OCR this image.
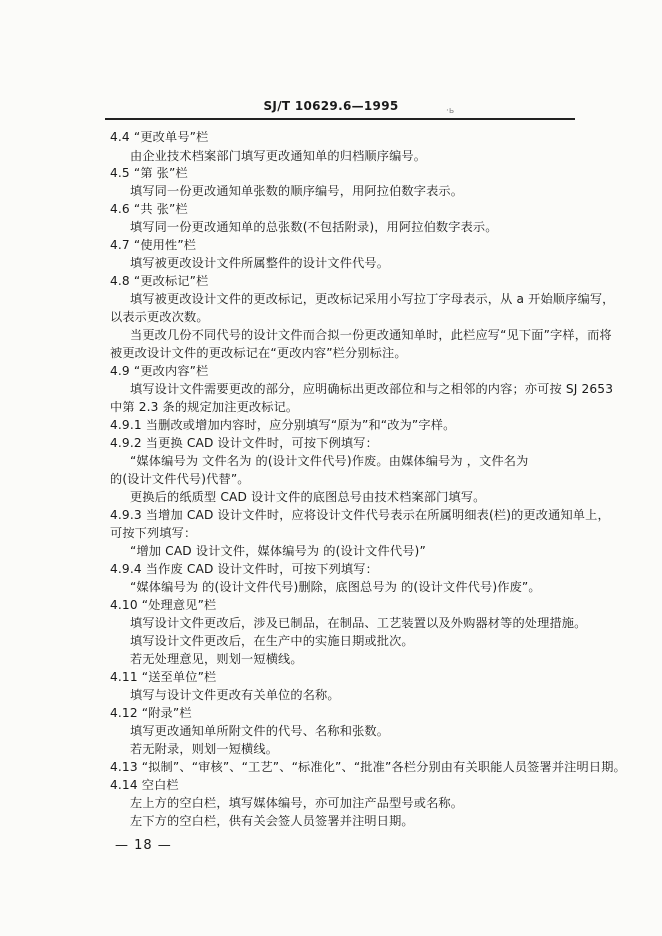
SJ/T 10629.6—1995	·ь
4.4 “更改单号”栏
由企业技术档案部门填写更改通知单的归档顺序编号。
4.5 “第 张”栏
填写同一份更改通知单张数的顺序编号，用阿拉伯数字表示。
4.6 “共 张”栏
填写同一份更改通知单的总张数(不包括附录)，用阿拉伯数字表示。
4.7 “使用性”栏
填写被更改设计文件所属整件的设计文件代号。
4.8 “更改标记”栏
填写被更改设计文件的更改标记，更改标记采用小写拉丁字母表示，从 a 开始顺序编写，
以表示更改次数。
当更改几份不同代号的设计文件而合拟一份更改通知单时，此栏应写“见下面”字样，而将
被更改设计文件的更改标记在“更改内容”栏分别标注。
4.9 “更改内容”栏
填写设计文件需要更改的部分，应明确标出更改部位和与之相邻的内容；亦可按 SJ 2653
中第 2.3 条的规定加注更改标记。
4.9.1 当删改或增加内容时，应分别填写“原为”和“改为”字样。
4.9.2 当更换 CAD 设计文件时，可按下例填写：
“媒体编号为 文件名为 的(设计文件代号)作废。由媒体编号为 ，文件名为
的(设计文件代号)代替”。
更换后的纸质型 CAD 设计文件的底图总号由技术档案部门填写。
4.9.3 当增加 CAD 设计文件时，应将设计文件代号表示在所属明细表(栏)的更改通知单上，
可按下列填写：
“增加 CAD 设计文件，媒体编号为 的(设计文件代号)”
4.9.4 当作废 CAD 设计文件时，可按下列填写：
“媒体编号为 的(设计文件代号)删除，底图总号为 的(设计文件代号)作废”。
4.10 “处理意见”栏
填写设计文件更改后，涉及已制品，在制品、工艺装置以及外购器材等的处理措施。
填写设计文件更改后，在生产中的实施日期或批次。
若无处理意见，则划一短横线。
4.11 “送至单位”栏
填写与设计文件更改有关单位的名称。
4.12 “附录”栏
填写更改通知单所附文件的代号、名称和张数。
若无附录，则划一短横线。
4.13 “拟制”、“审核”、“工艺”、“标准化”、“批准”各栏分别由有关职能人员签署并注明日期。
4.14 空白栏
左上方的空白栏，填写媒体编号，亦可加注产品型号或名称。
左下方的空白栏，供有关会签人员签署并注明日期。
— 18 —
